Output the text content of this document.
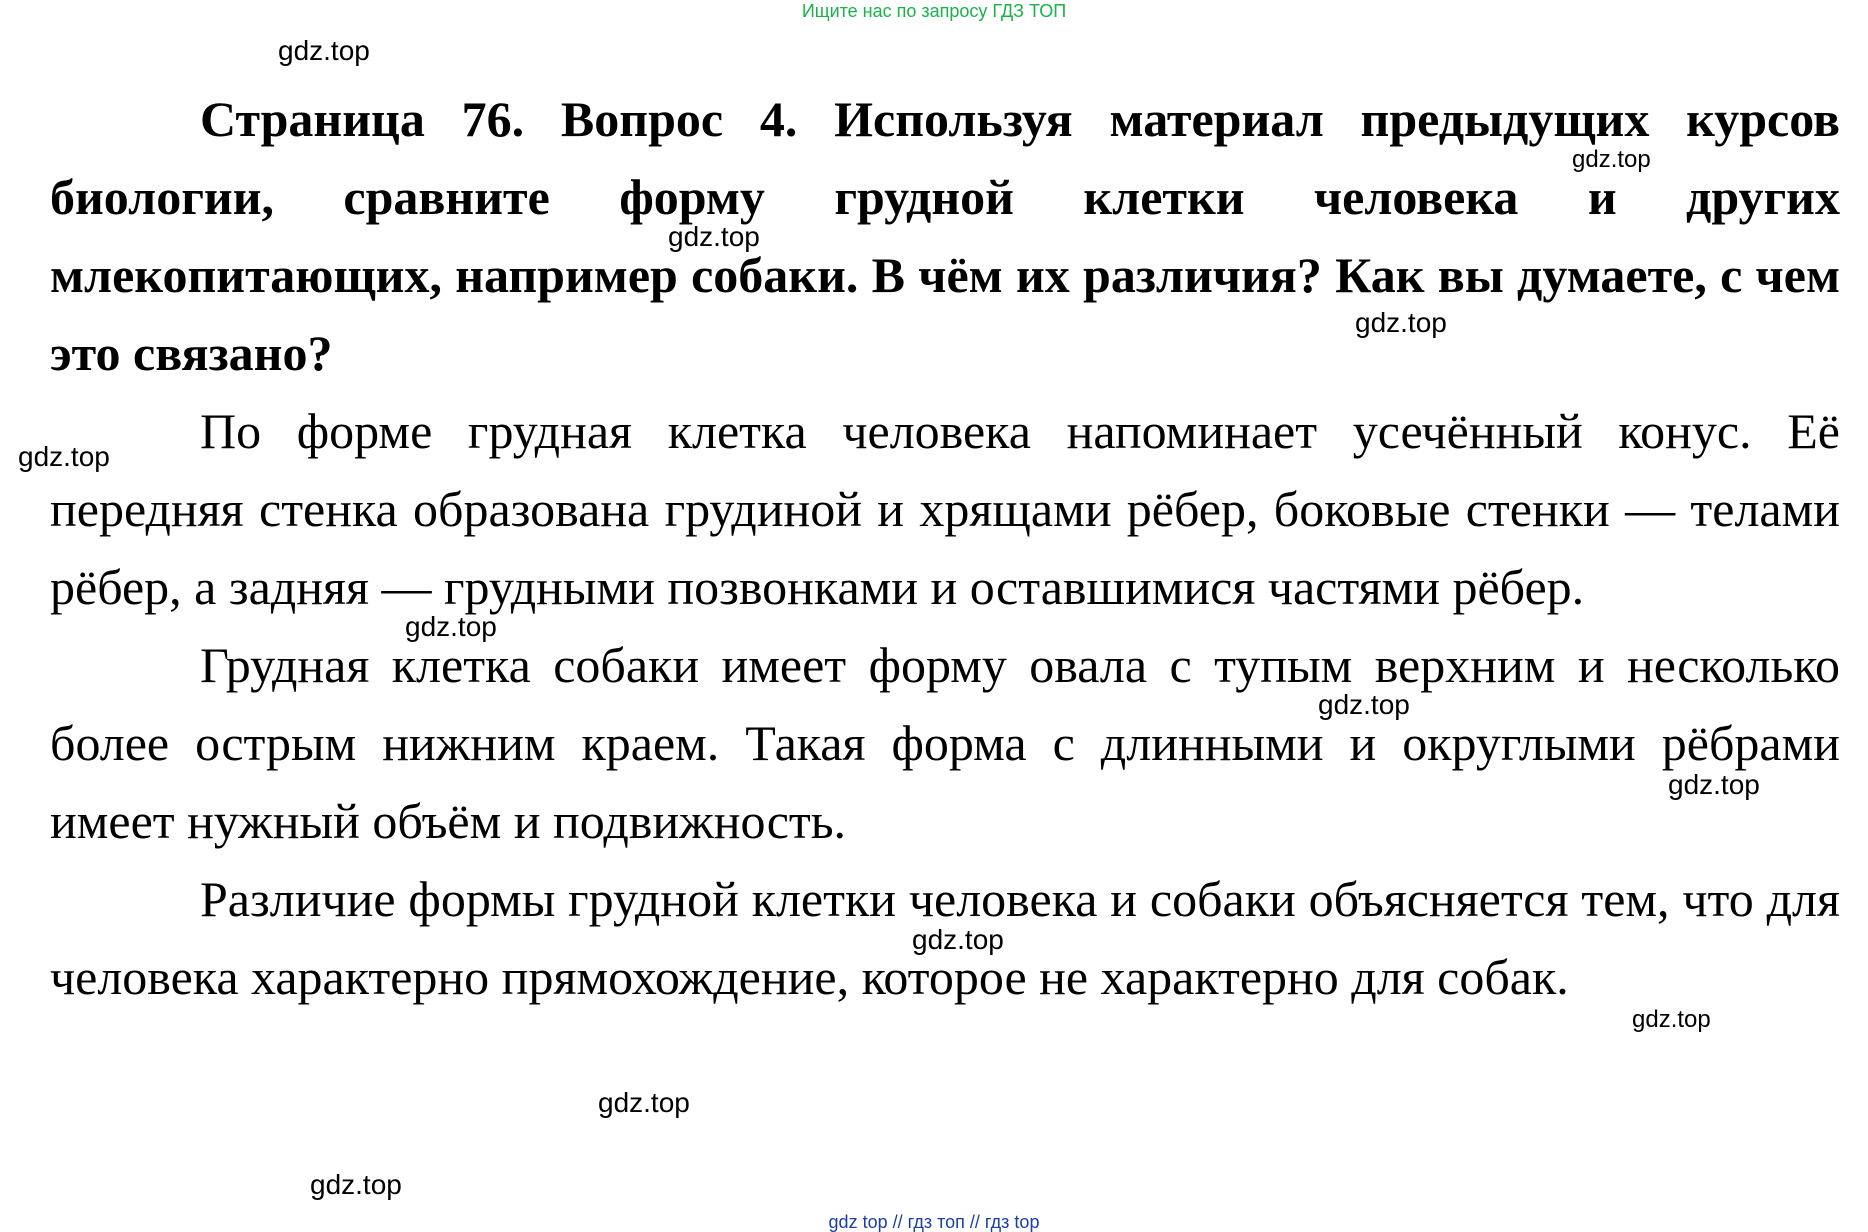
Ищите нас по запросу ГДЗ ТОП

Страница 76. Вопрос 4. Используя материал предыдущих курсов биологии, сравните форму грудной клетки человека и других млекопитающих, например собаки. В чём их различия? Как вы думаете, с чем это связано?

По форме грудная клетка человека напоминает усечённый конус. Её передняя стенка образована грудиной и хрящами рёбер, боковые стенки — телами рёбер, а задняя — грудными позвонками и оставшимися частями рёбер.

Грудная клетка собаки имеет форму овала с тупым верхним и несколько более острым нижним краем. Такая форма с длинными и округлыми рёбрами имеет нужный объём и подвижность.

Различие формы грудной клетки человека и собаки объясняется тем, что для человека характерно прямохождение, которое не характерно для собак.

gdz.top
gdz.top
gdz.top
gdz.top
gdz.top
gdz.top
gdz.top
gdz.top
gdz.top
gdz.top
gdz.top
gdz.top
gdz top // гдз топ // гдз top
